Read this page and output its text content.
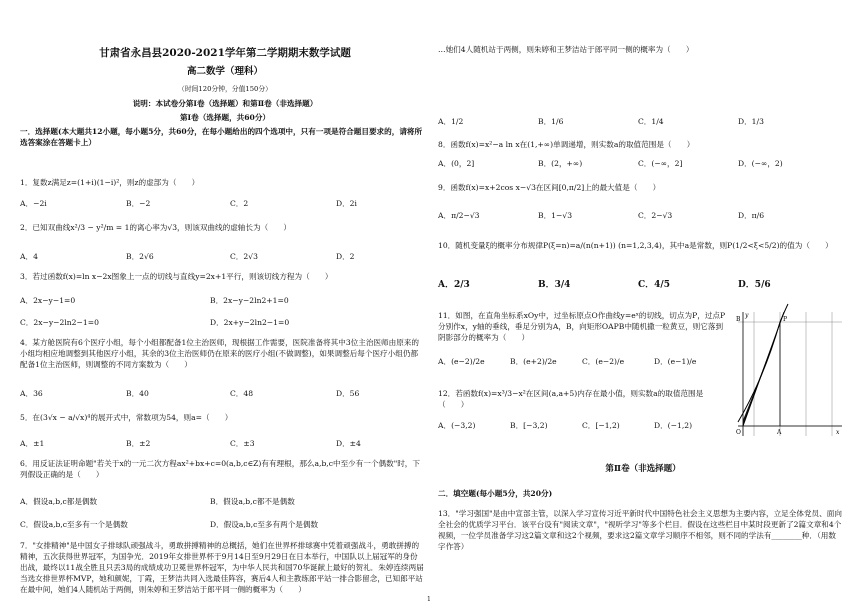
甘肃省永昌县2020-2021学年第二学期期末数学试题
高二数学（理科）
（时间120分钟，分值150分）
说明：本试卷分第Ⅰ卷（选择题）和第Ⅱ卷（非选择题）
第Ⅰ卷（选择题，共60分）
一．选择题(本大题共12小题，每小题5分，共60分，在每小题给出的四个选项中，只有一项是符合题目要求的，请将所选答案涂在答题卡上）
1．复数z满足z=(1+i)(1−i)²，则z的虚部为（　　）
A．−2i	B．−2	C．2	D．2i
2．已知双曲线x²/3 − y²/m = 1的离心率为√3，则该双曲线的虚轴长为（　　）
A．4	B．2√6	C．2√3	D．2
3．若过函数f(x)=ln x−2x图象上一点的切线与直线y=2x+1平行，则该切线方程为（　　）
A．2x−y−1=0	B．2x−y−2ln2+1=0
C．2x−y−2ln2−1=0	D．2x+y−2ln2−1=0
4．某方舱医院有6个医疗小组，每个小组都配备1位主治医师，现根据工作需要，医院准备将其中3位主治医师由原来的小组均相应地调整到其他医疗小组，其余的3位主治医师仍在原来的医疗小组(不做调整)，如果调整后每个医疗小组仍都配备1位主治医师，则调整的不同方案数为（　　）
A．36	B．40	C．48	D．56
5．在(3√x − a/√x)⁴的展开式中，常数项为54，则a=（　　）
A．±1	B．±2	C．±3	D．±4
6．用反证法证明命题"若关于x的一元二次方程ax²+bx+c=0(a,b,c∈Z)有有理根，那么a,b,c中至少有一个偶数"时，下列假设正确的是（　　）
A．假设a,b,c都是偶数	B．假设a,b,c都不是偶数
C．假设a,b,c至多有一个是偶数	D．假设a,b,c至多有两个是偶数
7．"女排精神"是中国女子排球队顽强战斗，勇敢拼搏精神的总概括，她们在世界杯排球赛中凭着顽强战斗，勇敢拼搏的精神，五次获得世界冠军，为国争光．2019年女排世界杯于9月14日至9月29日在日本举行，中国队以上届冠军的身份出战，最终以11战全胜且只丢3局的成绩成功卫冕世界杯冠军，为中华人民共和国70华诞献上最好的贺礼．朱婷连续两届当选女排世界杯MVP，她和颜妮，丁霞，王梦洁共同入选最佳阵容，赛后4人和主教练郎平站一排合影留念，已知郎平站在最中间，她们4人随机站于两侧，则朱婷和王梦洁站于郎平同一侧的概率为（　　）
…她们4人随机站于两侧，则朱婷和王梦洁站于郎平同一侧的概率为（　　）
A．1/2	B．1/6	C．1/4	D．1/3
8．函数f(x)=x²−a ln x在(1,+∞)单调递增，则实数a的取值范围是（　　）
A．(0，2]	B．(2，+∞)	C．(−∞，2]	D．(−∞，2)
9．函数f(x)=x+2cos x−√3在区间[0,π/2]上的最大值是（　　）
A．π/2−√3	B．1−√3	C．2−√3	D．π/6
10．随机变量ξ的概率分布规律P(ξ=n)=a/(n(n+1)) (n=1,2,3,4)，其中a是常数，则P(1/2<ξ<5/2)的值为（　　）
A．2/3	B．3/4	C．4/5	D．5/6
11．如图，在直角坐标系xOy中，过坐标原点O作曲线y=eˣ的切线，切点为P，过点P分别作x，y轴的垂线，垂足分别为A，B，向矩形OAPB中随机撒一粒黄豆，则它落到阴影部分的概率为（　　）
A．(e−2)/2e	B．(e+2)/2e	C．(e−2)/e	D．(e−1)/e
12．若函数f(x)=x³/3−x²在区间(a,a+5)内存在最小值，则实数a的取值范围是（　　）
A．(−3,2)	B．[−3,2)	C．[−1,2)	D．(−1,2)
y
B	P
O	A	x
第Ⅱ卷（非选择题）
二．填空题(每小题5分，共20分)
13．"学习强国"是由中宣部主管，以深入学习宣传习近平新时代中国特色社会主义思想为主要内容，立足全体党员、面向全社会的优质学习平台．该平台设有"阅读文章"，"视听学习"等多个栏目．假设在这些栏目中某时段更新了2篇文章和4个视频，一位学员准备学习这2篇文章和这2个视频，要求这2篇文章学习顺序不相邻，则不同的学法有________种．（用数字作答）
1
